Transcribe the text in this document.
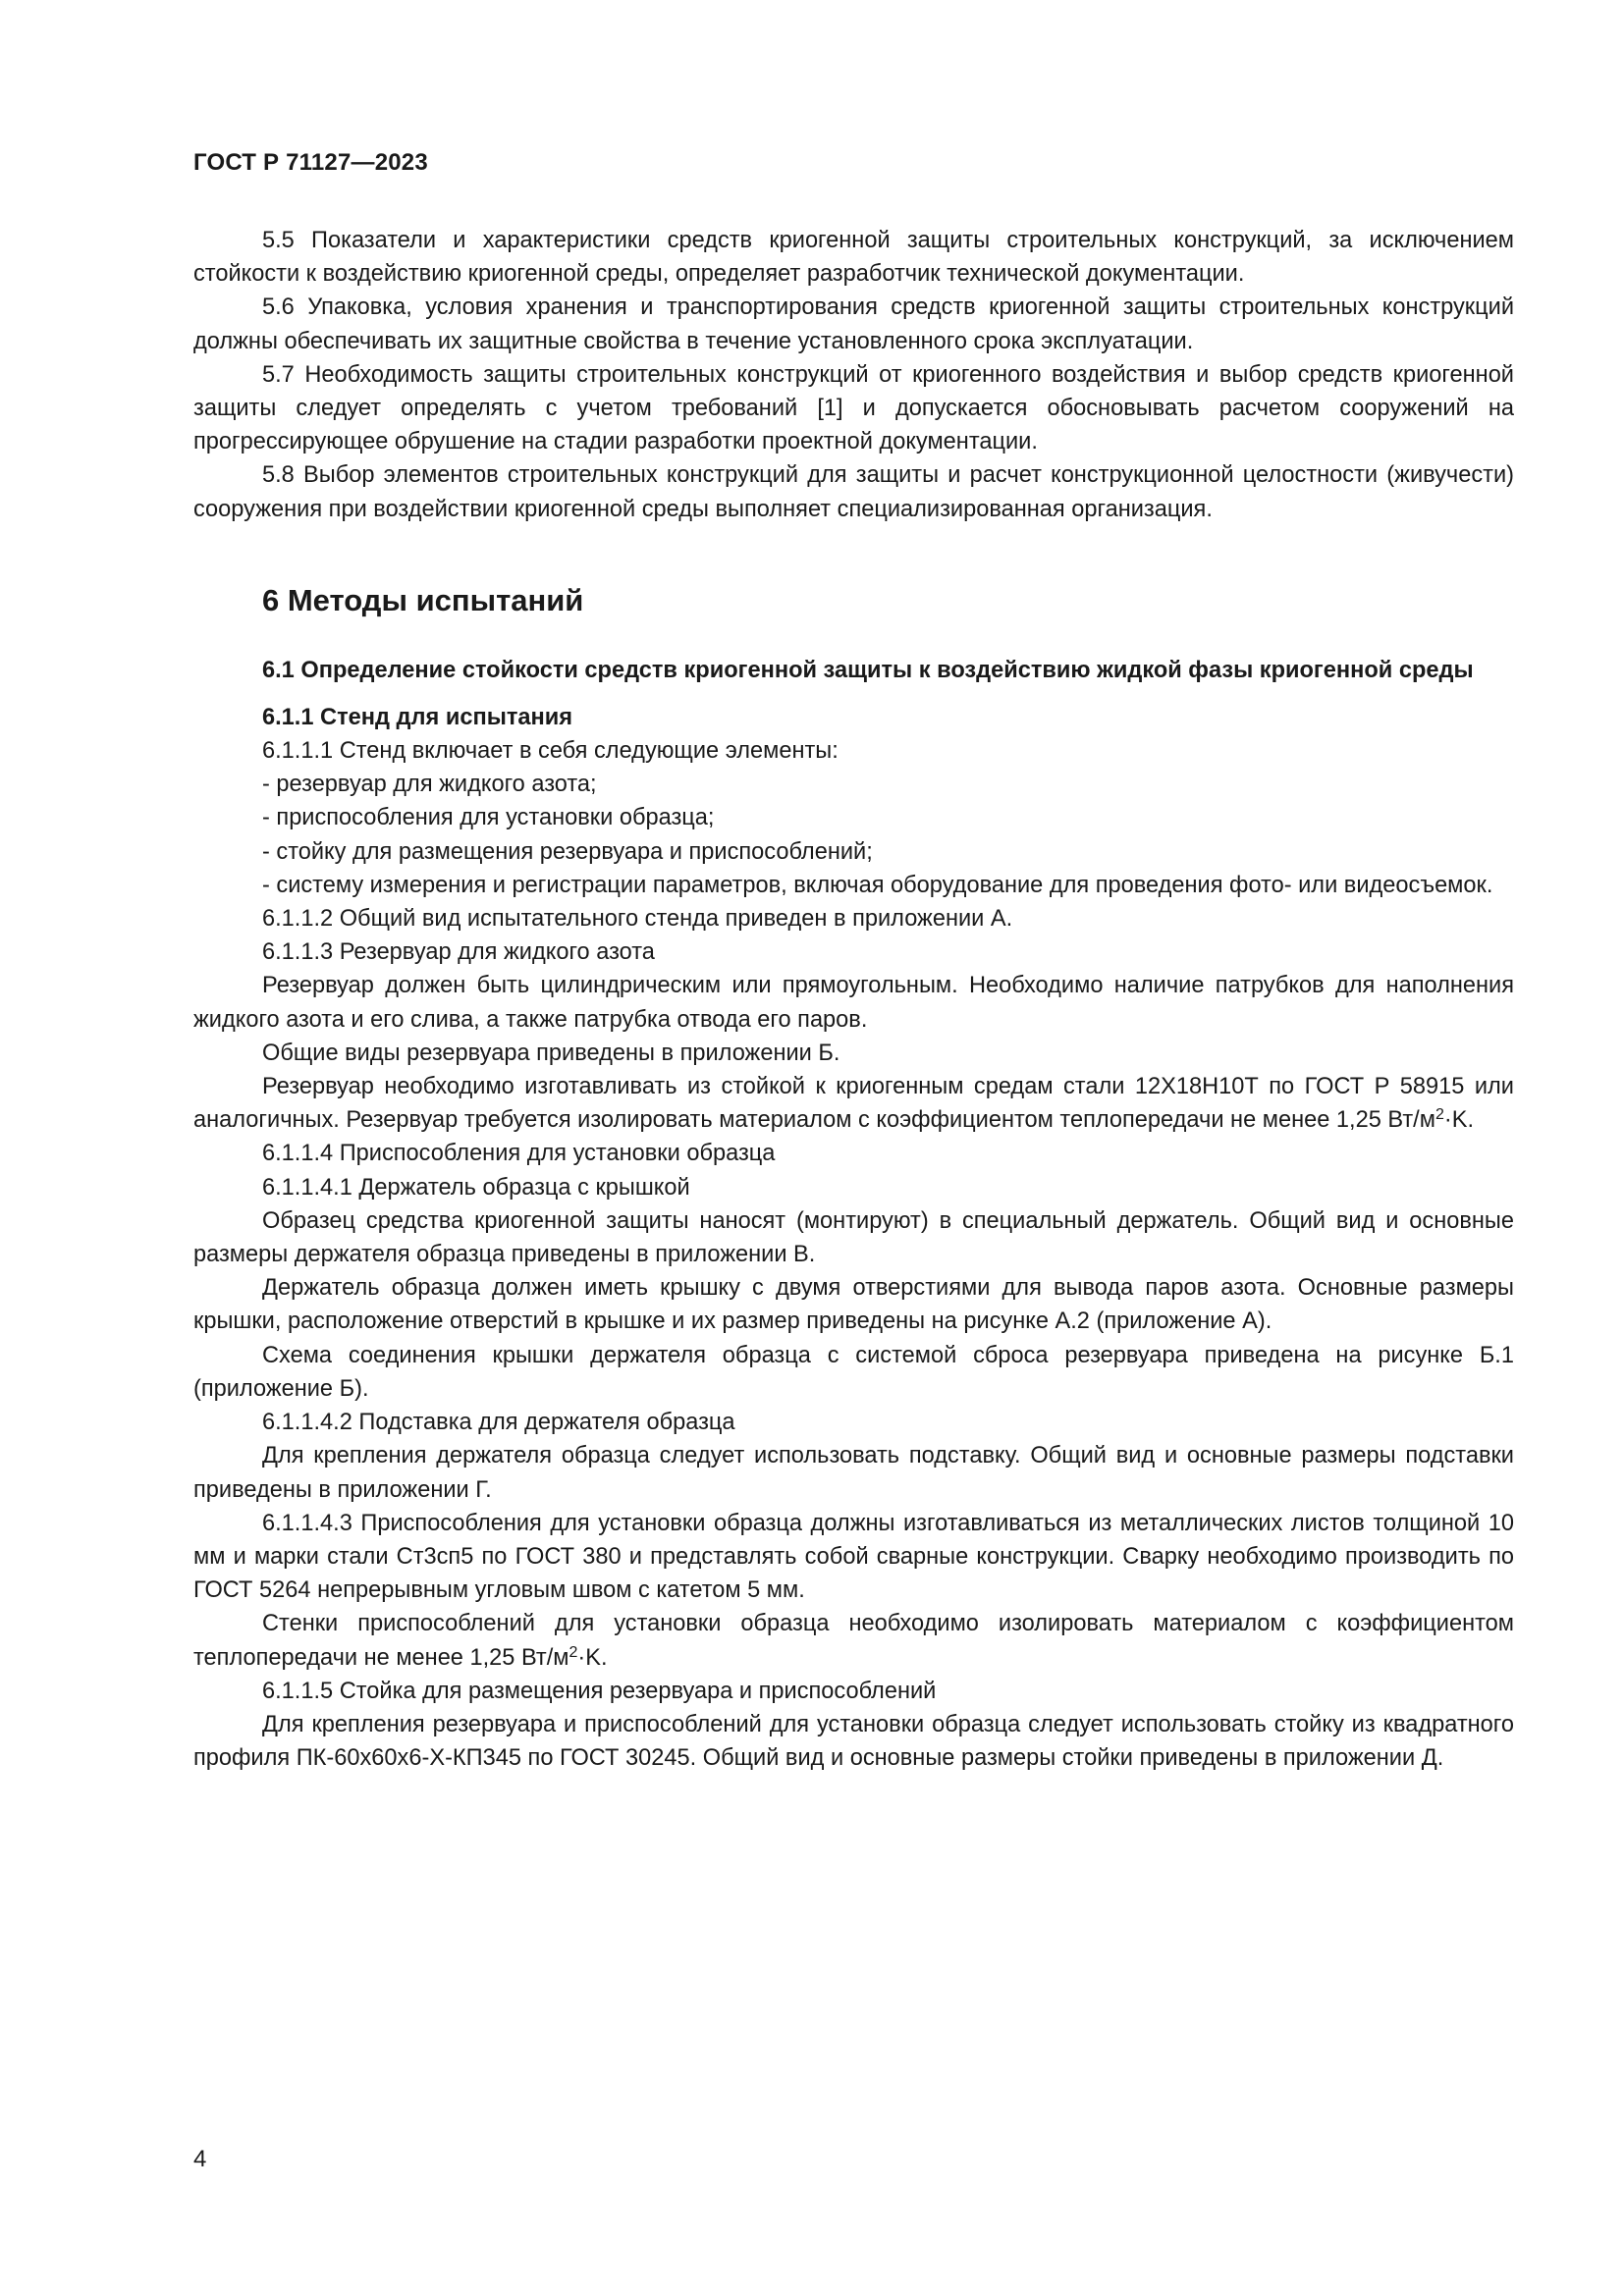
ГОСТ Р 71127—2023

5.5 Показатели и характеристики средств криогенной защиты строительных конструкций, за исключением стойкости к воздействию криогенной среды, определяет разработчик технической документации.

5.6 Упаковка, условия хранения и транспортирования средств криогенной защиты строительных конструкций должны обеспечивать их защитные свойства в течение установленного срока эксплуатации.

5.7 Необходимость защиты строительных конструкций от криогенного воздействия и выбор средств криогенной защиты следует определять с учетом требований [1] и допускается обосновывать расчетом сооружений на прогрессирующее обрушение на стадии разработки проектной документации.

5.8 Выбор элементов строительных конструкций для защиты и расчет конструкционной целостности (живучести) сооружения при воздействии криогенной среды выполняет специализированная организация.

6 Методы испытаний

6.1 Определение стойкости средств криогенной защиты к воздействию жидкой фазы криогенной среды

6.1.1 Стенд для испытания

6.1.1.1 Стенд включает в себя следующие элементы:

- резервуар для жидкого азота;

- приспособления для установки образца;

- стойку для размещения резервуара и приспособлений;

- систему измерения и регистрации параметров, включая оборудование для проведения фото- или видеосъемок.

6.1.1.2 Общий вид испытательного стенда приведен в приложении А.

6.1.1.3 Резервуар для жидкого азота

Резервуар должен быть цилиндрическим или прямоугольным. Необходимо наличие патрубков для наполнения жидкого азота и его слива, а также патрубка отвода его паров.

Общие виды резервуара приведены в приложении Б.

Резервуар необходимо изготавливать из стойкой к криогенным средам стали 12Х18Н10Т по ГОСТ Р 58915 или аналогичных. Резервуар требуется изолировать материалом с коэффициентом теплопередачи не менее 1,25 $Вт/м^2\cdot K$.

6.1.1.4 Приспособления для установки образца

6.1.1.4.1 Держатель образца с крышкой

Образец средства криогенной защиты наносят (монтируют) в специальный держатель. Общий вид и основные размеры держателя образца приведены в приложении В.

Держатель образца должен иметь крышку с двумя отверстиями для вывода паров азота. Основные размеры крышки, расположение отверстий в крышке и их размер приведены на рисунке А.2 (приложение А).

Схема соединения крышки держателя образца с системой сброса резервуара приведена на рисунке Б.1 (приложение Б).

6.1.1.4.2 Подставка для держателя образца

Для крепления держателя образца следует использовать подставку. Общий вид и основные размеры подставки приведены в приложении Г.

6.1.1.4.3 Приспособления для установки образца должны изготавливаться из металлических листов толщиной 10 мм и марки стали Ст3сп5 по ГОСТ 380 и представлять собой сварные конструкции. Сварку необходимо производить по ГОСТ 5264 непрерывным угловым швом с катетом 5 мм.

Стенки приспособлений для установки образца необходимо изолировать материалом с коэффициентом теплопередачи не менее 1,25 $Вт/м^2\cdot K$.

6.1.1.5 Стойка для размещения резервуара и приспособлений

Для крепления резервуара и приспособлений для установки образца следует использовать стойку из квадратного профиля ПК-60х60х6-Х-КП345 по ГОСТ 30245. Общий вид и основные размеры стойки приведены в приложении Д.

4
